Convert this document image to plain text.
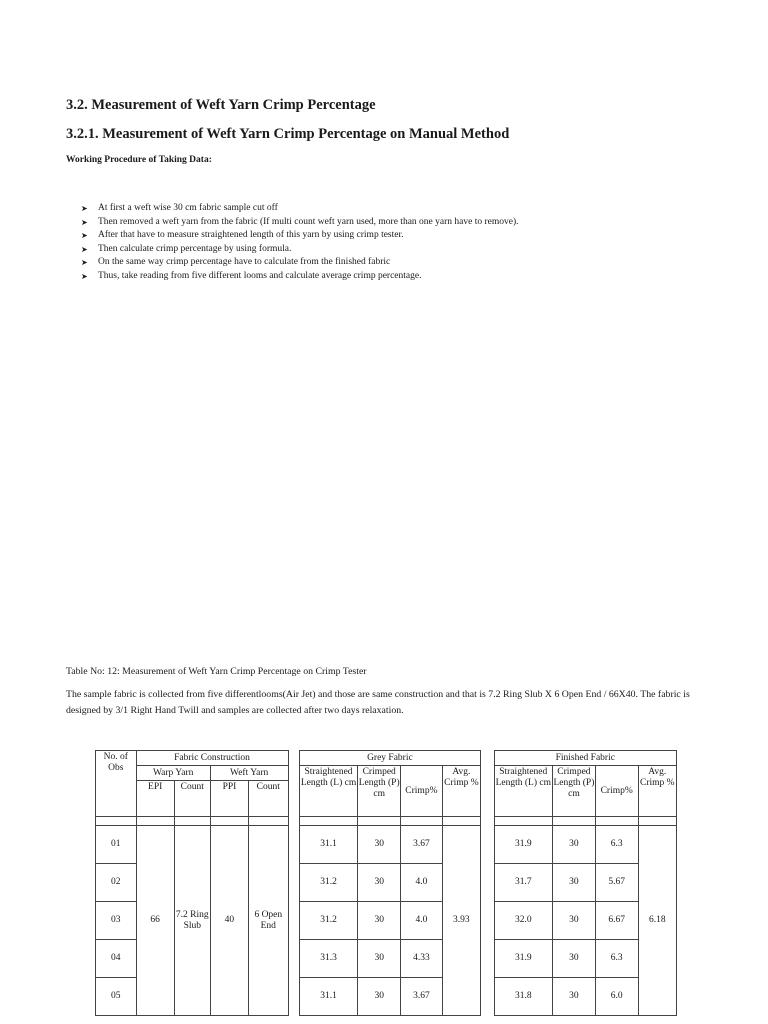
3.2. Measurement of Weft Yarn Crimp Percentage
3.2.1. Measurement of Weft Yarn Crimp Percentage on Manual Method
Working Procedure of Taking Data:
➤ At first a weft wise 30 cm fabric sample cut off
➤ Then removed a weft yarn from the fabric (If multi count weft yarn used, more than one yarn have to remove).
➤ After that have to measure straightened length of this yarn by using crimp tester.
➤ Then calculate crimp percentage by using formula.
➤ On the same way crimp percentage have to calculate from the finished fabric
➤ Thus, take reading from five different looms and calculate average crimp percentage.
Table No: 12: Measurement of Weft Yarn Crimp Percentage on Crimp Tester
The sample fabric is collected from five differentlooms(Air Jet) and those are same construction and that is 7.2 Ring Slub X 6 Open End / 66X40. The fabric is designed by 3/1 Right Hand Twill and samples are collected after two days relaxation.
No. of Obs	Fabric Construction					Grey Fabric					Finished Fabric			
	Warp Yarn		Weft Yarn			Straightened Length (L) cm	Crimped Length (P) cm	Crimp%	Avg. Crimp %		Straightened Length (L) cm	Crimped Length (P) cm	Crimp%	Avg. Crimp %
	EPI	Count	PPI	Count										

01	66	7.2 Ring Slub	40	6 Open End		31.1	30	3.67	3.93		31.9	30	6.3	6.18
02						31.2	30	4.0			31.7	30	5.67	
03						31.2	30	4.0			32.0	30	6.67	
04						31.3	30	4.33			31.9	30	6.3	
05						31.1	30	3.67			31.8	30	6.0	
